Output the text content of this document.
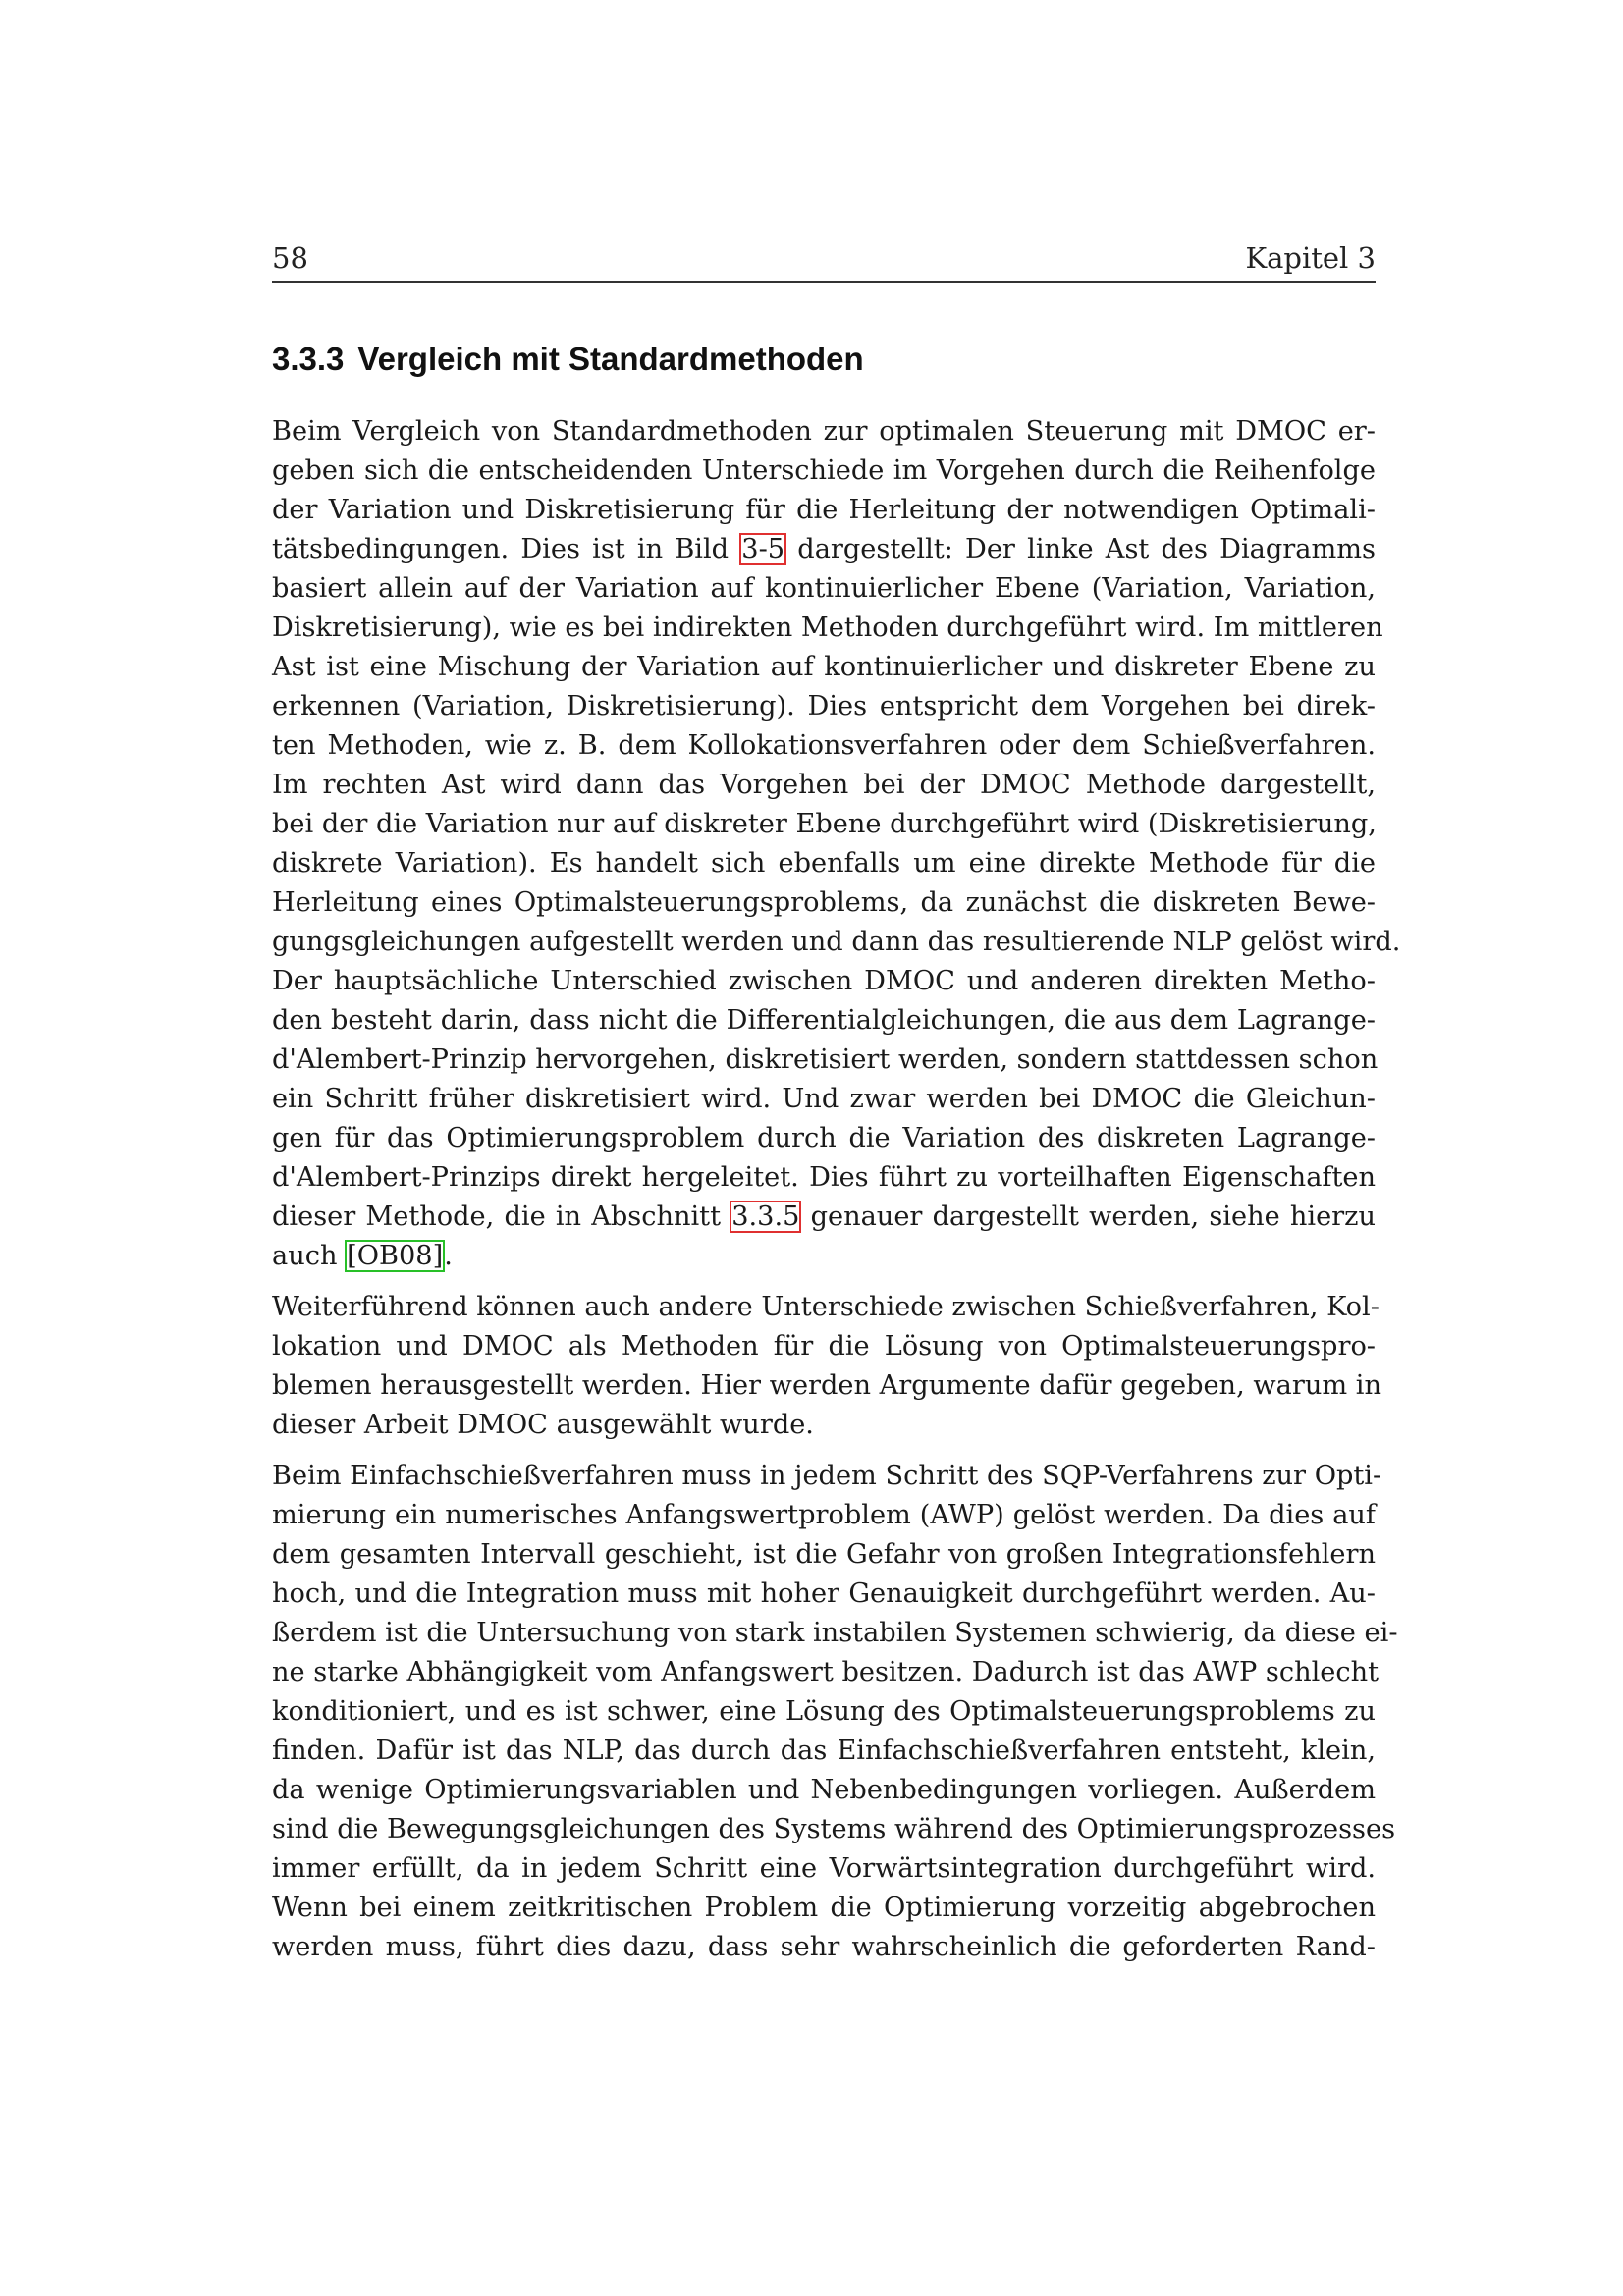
58	Kapitel 3
3.3.3 Vergleich mit Standardmethoden
Beim Vergleich von Standardmethoden zur optimalen Steuerung mit DMOC er-
geben sich die entscheidenden Unterschiede im Vorgehen durch die Reihenfolge
der Variation und Diskretisierung für die Herleitung der notwendigen Optimali-
tätsbedingungen. Dies ist in Bild 3-5 dargestellt: Der linke Ast des Diagramms
basiert allein auf der Variation auf kontinuierlicher Ebene (Variation, Variation,
Diskretisierung), wie es bei indirekten Methoden durchgeführt wird. Im mittleren
Ast ist eine Mischung der Variation auf kontinuierlicher und diskreter Ebene zu
erkennen (Variation, Diskretisierung). Dies entspricht dem Vorgehen bei direk-
ten Methoden, wie z. B. dem Kollokationsverfahren oder dem Schießverfahren.
Im rechten Ast wird dann das Vorgehen bei der DMOC Methode dargestellt,
bei der die Variation nur auf diskreter Ebene durchgeführt wird (Diskretisierung,
diskrete Variation). Es handelt sich ebenfalls um eine direkte Methode für die
Herleitung eines Optimalsteuerungsproblems, da zunächst die diskreten Bewe-
gungsgleichungen aufgestellt werden und dann das resultierende NLP gelöst wird.
Der hauptsächliche Unterschied zwischen DMOC und anderen direkten Metho-
den besteht darin, dass nicht die Differentialgleichungen, die aus dem Lagrange-
d'Alembert-Prinzip hervorgehen, diskretisiert werden, sondern stattdessen schon
ein Schritt früher diskretisiert wird. Und zwar werden bei DMOC die Gleichun-
gen für das Optimierungsproblem durch die Variation des diskreten Lagrange-
d'Alembert-Prinzips direkt hergeleitet. Dies führt zu vorteilhaften Eigenschaften
dieser Methode, die in Abschnitt 3.3.5 genauer dargestellt werden, siehe hierzu
auch [OB08].
Weiterführend können auch andere Unterschiede zwischen Schießverfahren, Kol-
lokation und DMOC als Methoden für die Lösung von Optimalsteuerungspro-
blemen herausgestellt werden. Hier werden Argumente dafür gegeben, warum in
dieser Arbeit DMOC ausgewählt wurde.
Beim Einfachschießverfahren muss in jedem Schritt des SQP-Verfahrens zur Opti-
mierung ein numerisches Anfangswertproblem (AWP) gelöst werden. Da dies auf
dem gesamten Intervall geschieht, ist die Gefahr von großen Integrationsfehlern
hoch, und die Integration muss mit hoher Genauigkeit durchgeführt werden. Au-
ßerdem ist die Untersuchung von stark instabilen Systemen schwierig, da diese ei-
ne starke Abhängigkeit vom Anfangswert besitzen. Dadurch ist das AWP schlecht
konditioniert, und es ist schwer, eine Lösung des Optimalsteuerungsproblems zu
finden. Dafür ist das NLP, das durch das Einfachschießverfahren entsteht, klein,
da wenige Optimierungsvariablen und Nebenbedingungen vorliegen. Außerdem
sind die Bewegungsgleichungen des Systems während des Optimierungsprozesses
immer erfüllt, da in jedem Schritt eine Vorwärtsintegration durchgeführt wird.
Wenn bei einem zeitkritischen Problem die Optimierung vorzeitig abgebrochen
werden muss, führt dies dazu, dass sehr wahrscheinlich die geforderten Rand-
